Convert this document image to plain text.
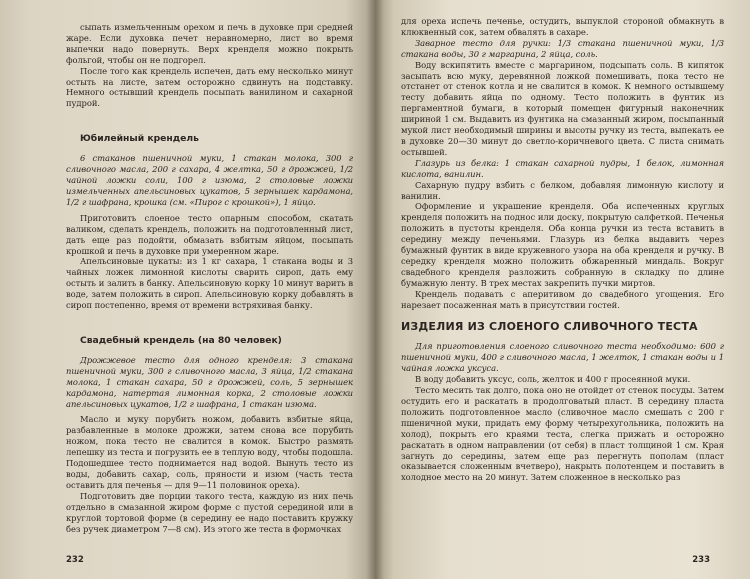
сыпать измельченным орехом и печь в духовке при средней жаре. Если духовка печет неравномерно, лист во время выпечки надо повернуть. Верх кренделя можно покрыть фольгой, чтобы он не подгорел.

После того как крендель испечен, дать ему несколько минут остыть на листе, затем осторожно сдвинуть на подставку. Немного остывший крендель посыпать ванилином и сахарной пудрой.

Юбилейный крендель

6 стаканов пшеничной муки, 1 стакан молока, 300 г сливочного масла, 200 г сахара, 4 желтка, 50 г дрожжей, 1/2 чайной ложки соли, 100 г изюма, 2 столовые ложки измельченных апельсиновых цукатов, 5 зернышек кардамона, 1/2 г шафрана, крошка (см. «Пирог с крошкой»), 1 яйцо.

Приготовить слоеное тесто опарным способом, скатать валиком, сделать крендель, положить на подготовленный лист, дать еще раз подойти, обмазать взбитым яйцом, посыпать крошкой и печь в духовке при умеренном жаре.

Апельсиновые цукаты: из 1 кг сахара, 1 стакана воды и 3 чайных ложек лимонной кислоты сварить сироп, дать ему остыть и залить в банку. Апельсиновую корку 10 минут варить в воде, затем положить в сироп. Апельсиновую корку добавлять в сироп постепенно, время от времени встряхивая банку.

Свадебный крендель (на 80 человек)

Дрожжевое тесто для одного кренделя: 3 стакана пшеничной муки, 300 г сливочного масла, 3 яйца, 1/2 стакана молока, 1 стакан сахара, 50 г дрожжей, соль, 5 зернышек кардамона, натертая лимонная корка, 2 столовые ложки апельсиновых цукатов, 1/2 г шафрана, 1 стакан изюма.

Масло и муку порубить ножом, добавить взбитые яйца, разбавленные в молоке дрожжи, затем снова все порубить ножом, пока тесто не свалится в комок. Быстро размять лепешку из теста и погрузить ее в теплую воду, чтобы подошла. Подошедшее тесто поднимается над водой. Вынуть тесто из воды, добавить сахар, соль, пряности и изюм (часть теста оставить для печенья — для 9—11 половинок ореха).

Подготовить две порции такого теста, каждую из них печь отдельно в смазанной жиром форме с пустой серединой или в круглой тортовой форме (в середину ее надо поставить кружку без ручек диаметром 7—8 см). Из этого же теста в формочках

232

для ореха испечь печенье, остудить, выпуклой стороной обмакнуть в клюквенный сок, затем обвалять в сахаре.

Заварное тесто для ручки: 1/3 стакана пшеничной муки, 1/3 стакана воды, 30 г маргарина, 2 яйца, соль.

Воду вскипятить вместе с маргарином, подсыпать соль. В кипяток засыпать всю муку, деревянной ложкой помешивать, пока тесто не отстанет от стенок котла и не свалится в комок. К немного остывшему тесту добавить яйца по одному. Тесто положить в фунтик из пергаментной бумаги, в который помещен фигурный наконечник шириной 1 см. Выдавить из фунтика на смазанный жиром, посыпанный мукой лист необходимый ширины и высоты ручку из теста, выпекать ее в духовке 20—30 минут до светло-коричневого цвета. С листа снимать остывшей.

Глазурь из белка: 1 стакан сахарной пудры, 1 белок, лимонная кислота, ванилин.

Сахарную пудру взбить с белком, добавляя лимонную кислоту и ванилин.

Оформление и украшение кренделя. Оба испеченных круглых кренделя положить на поднос или доску, покрытую салфеткой. Печенья положить в пустоты кренделя. Оба конца ручки из теста вставить в середину между печеньями. Глазурь из белка выдавить через бумажный фунтик в виде кружевного узора на оба кренделя и ручку. В середку кренделя можно положить обжаренный миндаль. Вокруг свадебного кренделя разложить собранную в складку по длине бумажную ленту. В трех местах закрепить пучки миртов.

Крендель подавать с аперитивом до свадебного угощения. Его нарезает посаженная мать в присутствии гостей.

ИЗДЕЛИЯ ИЗ СЛОЕНОГО СЛИВОЧНОГО ТЕСТА

Для приготовления слоеного сливочного теста необходимо: 600 г пшеничной муки, 400 г сливочного масла, 1 желток, 1 стакан воды и 1 чайная ложка уксуса.

В воду добавить уксус, соль, желток и 400 г просеянной муки.

Тесто месить так долго, пока оно не отойдет от стенок посуды. Затем остудить его и раскатать в продолговатый пласт. В середину пласта положить подготовленное масло (сливочное масло смешать с 200 г пшеничной муки, придать ему форму четырехугольника, положить на холод), покрыть его краями теста, слегка прижать и осторожно раскатать в одном направлении (от себя) в пласт толщиной 1 см. Края загнуть до середины, затем еще раз перегнуть пополам (пласт оказывается сложенным вчетверо), накрыть полотенцем и поставить в холодное место на 20 минут. Затем сложенное в несколько раз

233
